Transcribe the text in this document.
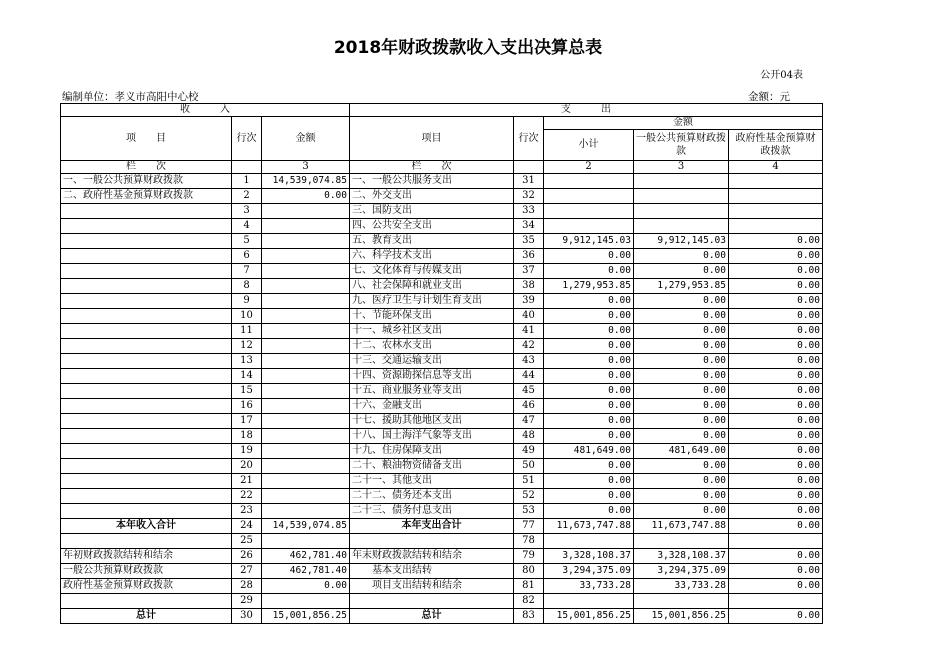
2018年财政拨款收入支出决算总表
公开04表
编制单位：孝义市高阳中心校	金额：元
收　　　入			支　　　出				
项　　目	行次	金额	项目	行次	金额		
					小计	一般公共预算财政拨款	政府性基金预算财政拨款
栏　　次		3	栏　　次		2	3	4
一、一般公共预算财政拨款	1	14,539,074.85	一、一般公共服务支出	31			
二、政府性基金预算财政拨款	2	0.00	二、外交支出	32			
	3		三、国防支出	33			
	4		四、公共安全支出	34			
	5		五、教育支出	35	9,912,145.03	9,912,145.03	0.00
	6		六、科学技术支出	36	0.00	0.00	0.00
	7		七、文化体育与传媒支出	37	0.00	0.00	0.00
	8		八、社会保障和就业支出	38	1,279,953.85	1,279,953.85	0.00
	9		九、医疗卫生与计划生育支出	39	0.00	0.00	0.00
	10		十、节能环保支出	40	0.00	0.00	0.00
	11		十一、城乡社区支出	41	0.00	0.00	0.00
	12		十二、农林水支出	42	0.00	0.00	0.00
	13		十三、交通运输支出	43	0.00	0.00	0.00
	14		十四、资源勘探信息等支出	44	0.00	0.00	0.00
	15		十五、商业服务业等支出	45	0.00	0.00	0.00
	16		十六、金融支出	46	0.00	0.00	0.00
	17		十七、援助其他地区支出	47	0.00	0.00	0.00
	18		十八、国土海洋气象等支出	48	0.00	0.00	0.00
	19		十九、住房保障支出	49	481,649.00	481,649.00	0.00
	20		二十、粮油物资储备支出	50	0.00	0.00	0.00
	21		二十一、其他支出	51	0.00	0.00	0.00
	22		二十二、债务还本支出	52	0.00	0.00	0.00
	23		二十三、债务付息支出	53	0.00	0.00	0.00
本年收入合计	24	14,539,074.85	本年支出合计	77	11,673,747.88	11,673,747.88	0.00
	25			78			
年初财政拨款结转和结余	26	462,781.40	年末财政拨款结转和结余	79	3,328,108.37	3,328,108.37	0.00
一般公共预算财政拨款	27	462,781.40	　　基本支出结转	80	3,294,375.09	3,294,375.09	0.00
政府性基金预算财政拨款	28	0.00	　　项目支出结转和结余	81	33,733.28	33,733.28	0.00
	29			82			
总计	30	15,001,856.25	总计	83	15,001,856.25	15,001,856.25	0.00
